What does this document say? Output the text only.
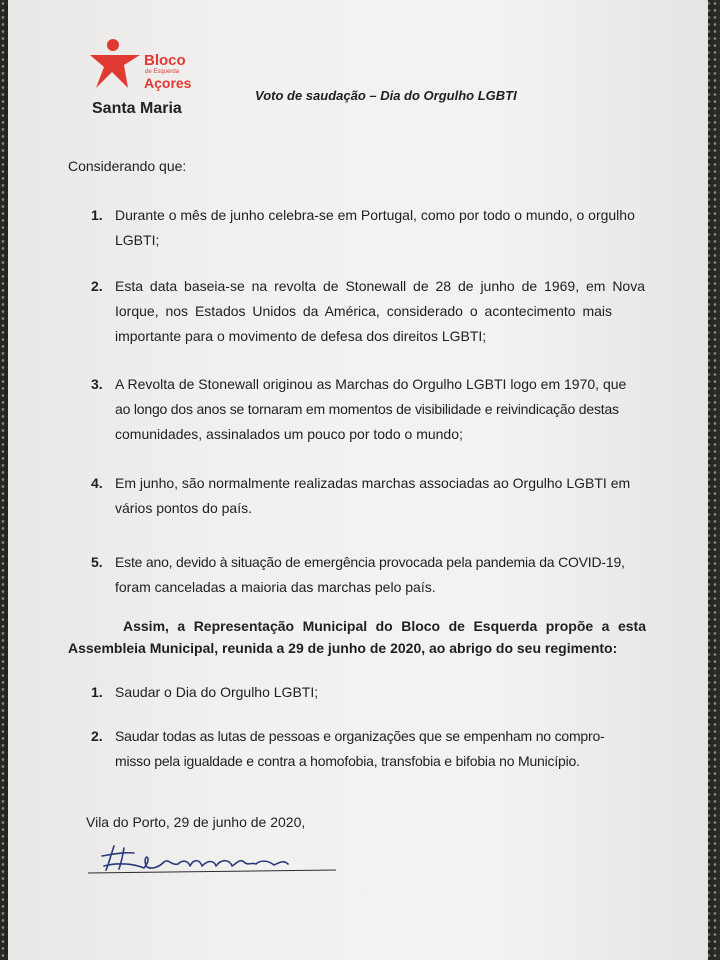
Bloco
de Esquerda
Açores
Santa Maria
Voto de saudação – Dia do Orgulho LGBTI
Considerando que:
1. Durante o mês de junho celebra-se em Portugal, como por todo o mundo, o orgulho
LGBTI;
2. Esta data baseia-se na revolta de Stonewall de 28 de junho de 1969, em Nova
Iorque, nos Estados Unidos da América, considerado o acontecimento mais
importante para o movimento de defesa dos direitos LGBTI;
3. A Revolta de Stonewall originou as Marchas do Orgulho LGBTI logo em 1970, que
ao longo dos anos se tornaram em momentos de visibilidade e reivindicação destas
comunidades, assinalados um pouco por todo o mundo;
4. Em junho, são normalmente realizadas marchas associadas ao Orgulho LGBTI em
vários pontos do país.
5. Este ano, devido à situação de emergência provocada pela pandemia da COVID-19,
foram canceladas a maioria das marchas pelo país.
Assim, a Representação Municipal do Bloco de Esquerda propõe a esta Assembleia Municipal, reunida a 29 de junho de 2020, ao abrigo do seu regimento:
1. Saudar o Dia do Orgulho LGBTI;
2. Saudar todas as lutas de pessoas e organizações que se empenham no compro-
misso pela igualdade e contra a homofobia, transfobia e bifobia no Município.
Vila do Porto, 29 de junho de 2020,
